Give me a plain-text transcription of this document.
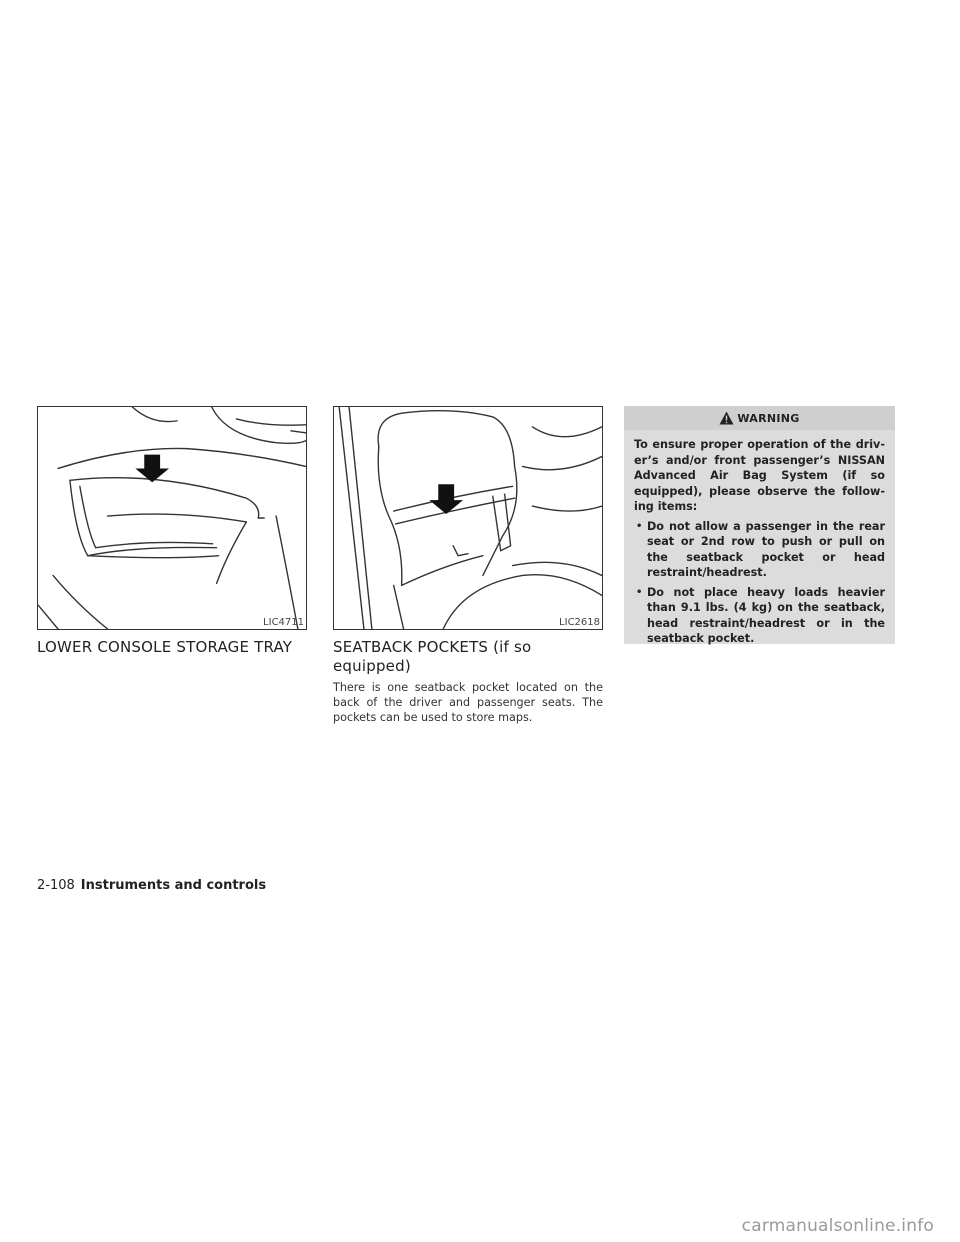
LIC4711	LIC2618
LOWER CONSOLE STORAGE TRAY	SEATBACK POCKETS (if so equipped)

There is one seatback pocket located on the back of the driver and passenger seats. The pockets can be used to store maps.

WARNING

To ensure proper operation of the driv-er’s and/or front passenger’s NISSAN Advanced Air Bag System (if so equipped), please observe the follow-ing items:

• Do not allow a passenger in the rear seat or 2nd row to push or pull on the seatback pocket or head restraint/headrest.
• Do not place heavy loads heavier than 9.1 lbs. (4 kg) on the seatback, head restraint/headrest or in the seatback pocket.
2-108 Instruments and controls
carmanualsonline.info
